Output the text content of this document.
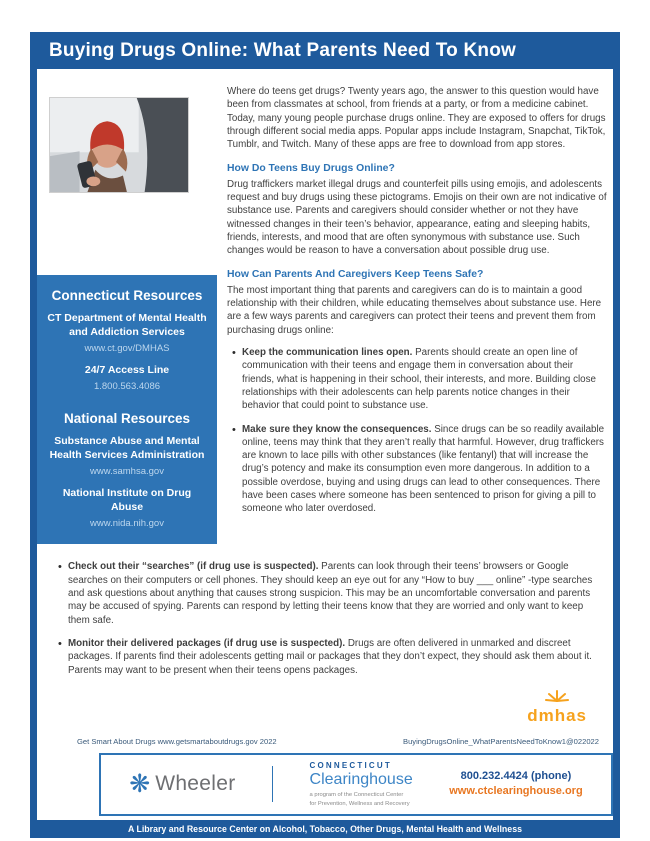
Buying Drugs Online: What Parents Need To Know
Connecticut Resources
CT Department of Mental Health and Addiction Services
www.ct.gov/DMHAS
24/7 Access Line
1.800.563.4086
National Resources
Substance Abuse and Mental Health Services Administration
www.samhsa.gov
National Institute on Drug Abuse
www.nida.nih.gov

Where do teens get drugs? Twenty years ago, the answer to this question would have been from classmates at school, from friends at a party, or from a medicine cabinet. Today, many young people purchase drugs online. They are exposed to offers for drugs through different social media apps. Popular apps include Instagram, Snapchat, TikTok, Tumblr, and Twitch. Many of these apps are free to download from app stores.

How Do Teens Buy Drugs Online?

Drug traffickers market illegal drugs and counterfeit pills using emojis, and adolescents request and buy drugs using these pictograms. Emojis on their own are not indicative of substance use. Parents and caregivers should consider whether or not they have witnessed changes in their teen’s behavior, appearance, eating and sleeping habits, friends, interests, and mood that are often synonymous with substance use. Such changes would be reason to have a conversation about possible drug use.

How Can Parents And Caregivers Keep Teens Safe?

The most important thing that parents and caregivers can do is to maintain a good relationship with their children, while educating themselves about substance use. Here are a few ways parents and caregivers can protect their teens and prevent them from purchasing drugs online:

• Keep the communication lines open. Parents should create an open line of communication with their teens and engage them in conversation about their friends, what is happening in their school, their interests, and more. Building close relationships with their adolescents can help parents notice changes in their behavior that could point to substance use.
• Make sure they know the consequences. Since drugs can be so readily available online, teens may think that they aren’t really that harmful. However, drug traffickers are known to lace pills with other substances (like fentanyl) that will increase the drug’s potency and make its consumption even more dangerous. In addition to a possible overdose, buying and using drugs can lead to other consequences. There have been cases where someone has been sentenced to prison for giving a pill to someone who later overdosed.
• Check out their “searches” (if drug use is suspected). Parents can look through their teens’ browsers or Google searches on their computers or cell phones. They should keep an eye out for any “How to buy ___ online” -type searches and ask questions about anything that causes strong suspicion. This may be an uncomfortable conversation and parents may be accused of spying. Parents can respond by letting their teens know that they are worried and only want to keep them safe.
• Monitor their delivered packages (if drug use is suspected). Drugs are often delivered in unmarked and discreet packages. If parents find their adolescents getting mail or packages that they don’t expect, they should ask them about it. Parents may want to be present when their teens opens packages.
dmhas
Get Smart About Drugs www.getsmartaboutdrugs.gov 2022	BuyingDrugsOnline_WhatParentsNeedToKnow1@022022
❋ Wheeler
CONNECTICUT
Clearinghouse
a program of the Connecticut Center
for Prevention, Wellness and Recovery
800.232.4424 (phone)
www.ctclearinghouse.org
A Library and Resource Center on Alcohol, Tobacco, Other Drugs, Mental Health and Wellness
